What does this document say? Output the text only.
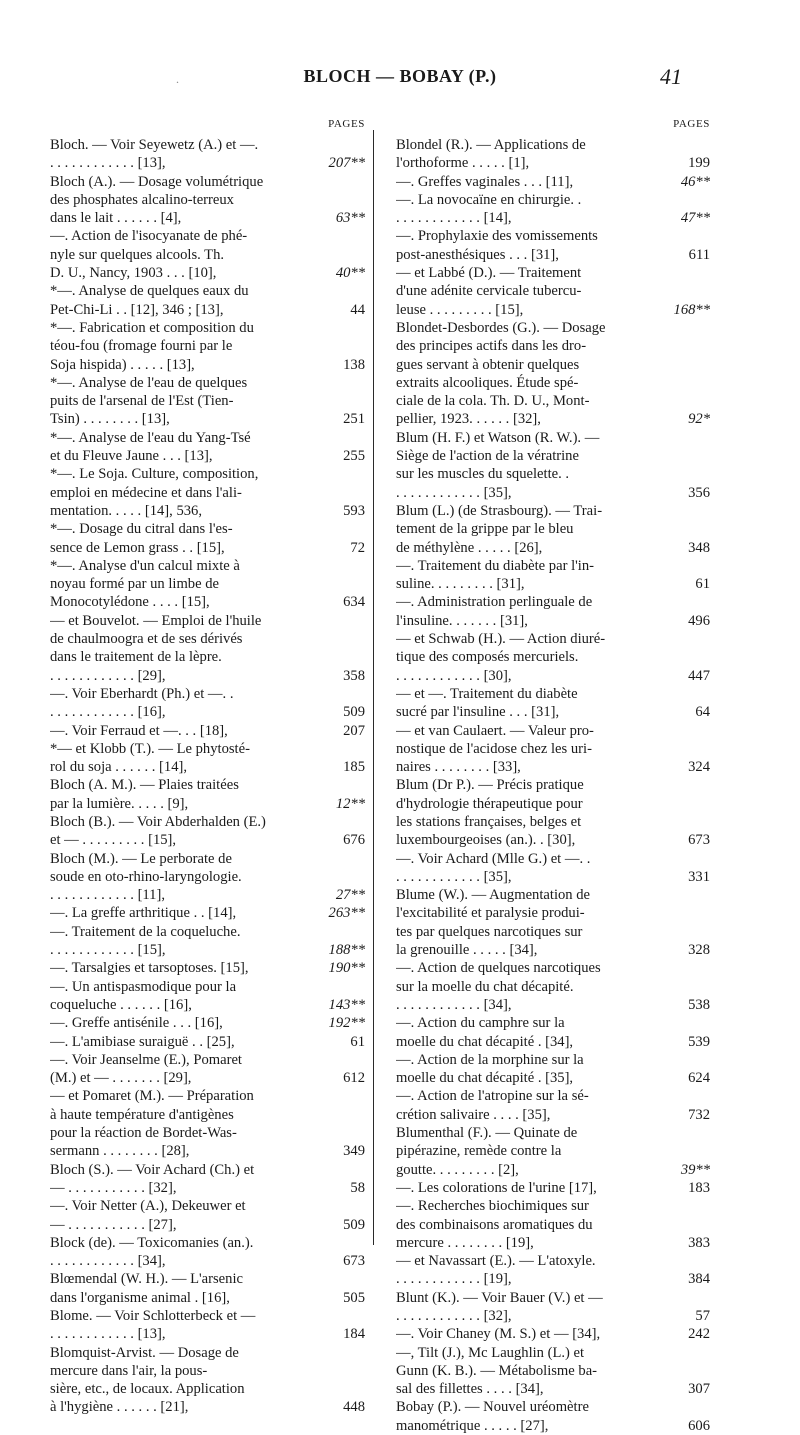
.	BLOCH — BOBAY (P.)	41
PAGES
Bloch. — Voir Seyewetz (A.) et —.
. . . . . . . . . . . . [13],	207**
Bloch (A.). — Dosage volumétrique
des phosphates alcalino-terreux
dans le lait . . . . . . [4],	63**
—. Action de l'isocyanate de phé-
nyle sur quelques alcools. Th.
D. U., Nancy, 1903 . . . [10],	40**
*—. Analyse de quelques eaux du
Pet-Chi-Li . . [12], 346 ; [13],	44
*—. Fabrication et composition du
téou-fou (fromage fourni par le
Soja hispida) . . . . . [13],	138
*—. Analyse de l'eau de quelques
puits de l'arsenal de l'Est (Tien-
Tsin) . . . . . . . . [13],	251
*—. Analyse de l'eau du Yang-Tsé
et du Fleuve Jaune . . . [13],	255
*—. Le Soja. Culture, composition,
emploi en médecine et dans l'ali-
mentation. . . . . [14], 536,	593
*—. Dosage du citral dans l'es-
sence de Lemon grass . . [15],	72
*—. Analyse d'un calcul mixte à
noyau formé par un limbe de
Monocotylédone . . . . [15],	634
— et Bouvelot. — Emploi de l'huile
de chaulmoogra et de ses dérivés
dans le traitement de la lèpre.
. . . . . . . . . . . . [29],	358
—. Voir Eberhardt (Ph.) et —. .
. . . . . . . . . . . . [16],	509
—. Voir Ferraud et —. . . [18],	207
*— et Klobb (T.). — Le phytosté-
rol du soja . . . . . . [14],	185
Bloch (A. M.). — Plaies traitées
par la lumière. . . . . [9],	12**
Bloch (B.). — Voir Abderhalden (E.)
et — . . . . . . . . . [15],	676
Bloch (M.). — Le perborate de
soude en oto-rhino-laryngologie.
. . . . . . . . . . . . [11],	27**
—. La greffe arthritique . . [14],	263**
—. Traitement de la coqueluche.
. . . . . . . . . . . . [15],	188**
—. Tarsalgies et tarsoptoses. [15],	190**
—. Un antispasmodique pour la
coqueluche . . . . . . [16],	143**
—. Greffe antisénile . . . [16],	192**
—. L'amibiase suraiguë . . [25],	61
—. Voir Jeanselme (E.), Pomaret
(M.) et — . . . . . . . [29],	612
— et Pomaret (M.). — Préparation
à haute température d'antigènes
pour la réaction de Bordet-Was-
sermann . . . . . . . . [28],	349
Bloch (S.). — Voir Achard (Ch.) et
— . . . . . . . . . . . [32],	58
—. Voir Netter (A.), Dekeuwer et
— . . . . . . . . . . . [27],	509
Block (de). — Toxicomanies (an.).
. . . . . . . . . . . . [34],	673
Blœmendal (W. H.). — L'arsenic
dans l'organisme animal . [16],	505
Blome. — Voir Schlotterbeck et —
. . . . . . . . . . . . [13],	184
Blomquist-Arvist. — Dosage de
mercure dans l'air, la pous-
sière, etc., de locaux. Application
à l'hygiène . . . . . . [21],	448
PAGES
Blondel (R.). — Applications de
l'orthoforme . . . . . [1],	199
—. Greffes vaginales . . . [11],	46**
—. La novocaïne en chirurgie. .
. . . . . . . . . . . . [14],	47**
—. Prophylaxie des vomissements
post-anesthésiques . . . [31],	611
— et Labbé (D.). — Traitement
d'une adénite cervicale tubercu-
leuse . . . . . . . . . [15],	168**
Blondet-Desbordes (G.). — Dosage
des principes actifs dans les dro-
gues servant à obtenir quelques
extraits alcooliques. Étude spé-
ciale de la cola. Th. D. U., Mont-
pellier, 1923. . . . . . [32],	92*
Blum (H. F.) et Watson (R. W.). —
Siège de l'action de la vératrine
sur les muscles du squelette. .
. . . . . . . . . . . . [35],	356
Blum (L.) (de Strasbourg). — Trai-
tement de la grippe par le bleu
de méthylène . . . . . [26],	348
—. Traitement du diabète par l'in-
suline. . . . . . . . . [31],	61
—. Administration perlinguale de
l'insuline. . . . . . . [31],	496
— et Schwab (H.). — Action diuré-
tique des composés mercuriels.
. . . . . . . . . . . . [30],	447
— et —. Traitement du diabète
sucré par l'insuline . . . [31],	64
— et van Caulaert. — Valeur pro-
nostique de l'acidose chez les uri-
naires . . . . . . . . [33],	324
Blum (Dr P.). — Précis pratique
d'hydrologie thérapeutique pour
les stations françaises, belges et
luxembourgeoises (an.). . [30],	673
—. Voir Achard (Mlle G.) et —. .
. . . . . . . . . . . . [35],	331
Blume (W.). — Augmentation de
l'excitabilité et paralysie produi-
tes par quelques narcotiques sur
la grenouille . . . . . [34],	328
—. Action de quelques narcotiques
sur la moelle du chat décapité.
. . . . . . . . . . . . [34],	538
—. Action du camphre sur la
moelle du chat décapité . [34],	539
—. Action de la morphine sur la
moelle du chat décapité . [35],	624
—. Action de l'atropine sur la sé-
crétion salivaire . . . . [35],	732
Blumenthal (F.). — Quinate de
pipérazine, remède contre la
goutte. . . . . . . . . [2],	39**
—. Les colorations de l'urine [17],	183
—. Recherches biochimiques sur
des combinaisons aromatiques du
mercure . . . . . . . . [19],	383
— et Navassart (E.). — L'atoxyle.
. . . . . . . . . . . . [19],	384
Blunt (K.). — Voir Bauer (V.) et —
. . . . . . . . . . . . [32],	57
—. Voir Chaney (M. S.) et — [34],	242
—, Tilt (J.), Mc Laughlin (L.) et
Gunn (K. B.). — Métabolisme ba-
sal des fillettes . . . . [34],	307
Bobay (P.). — Nouvel uréomètre
manométrique . . . . . [27],	606
